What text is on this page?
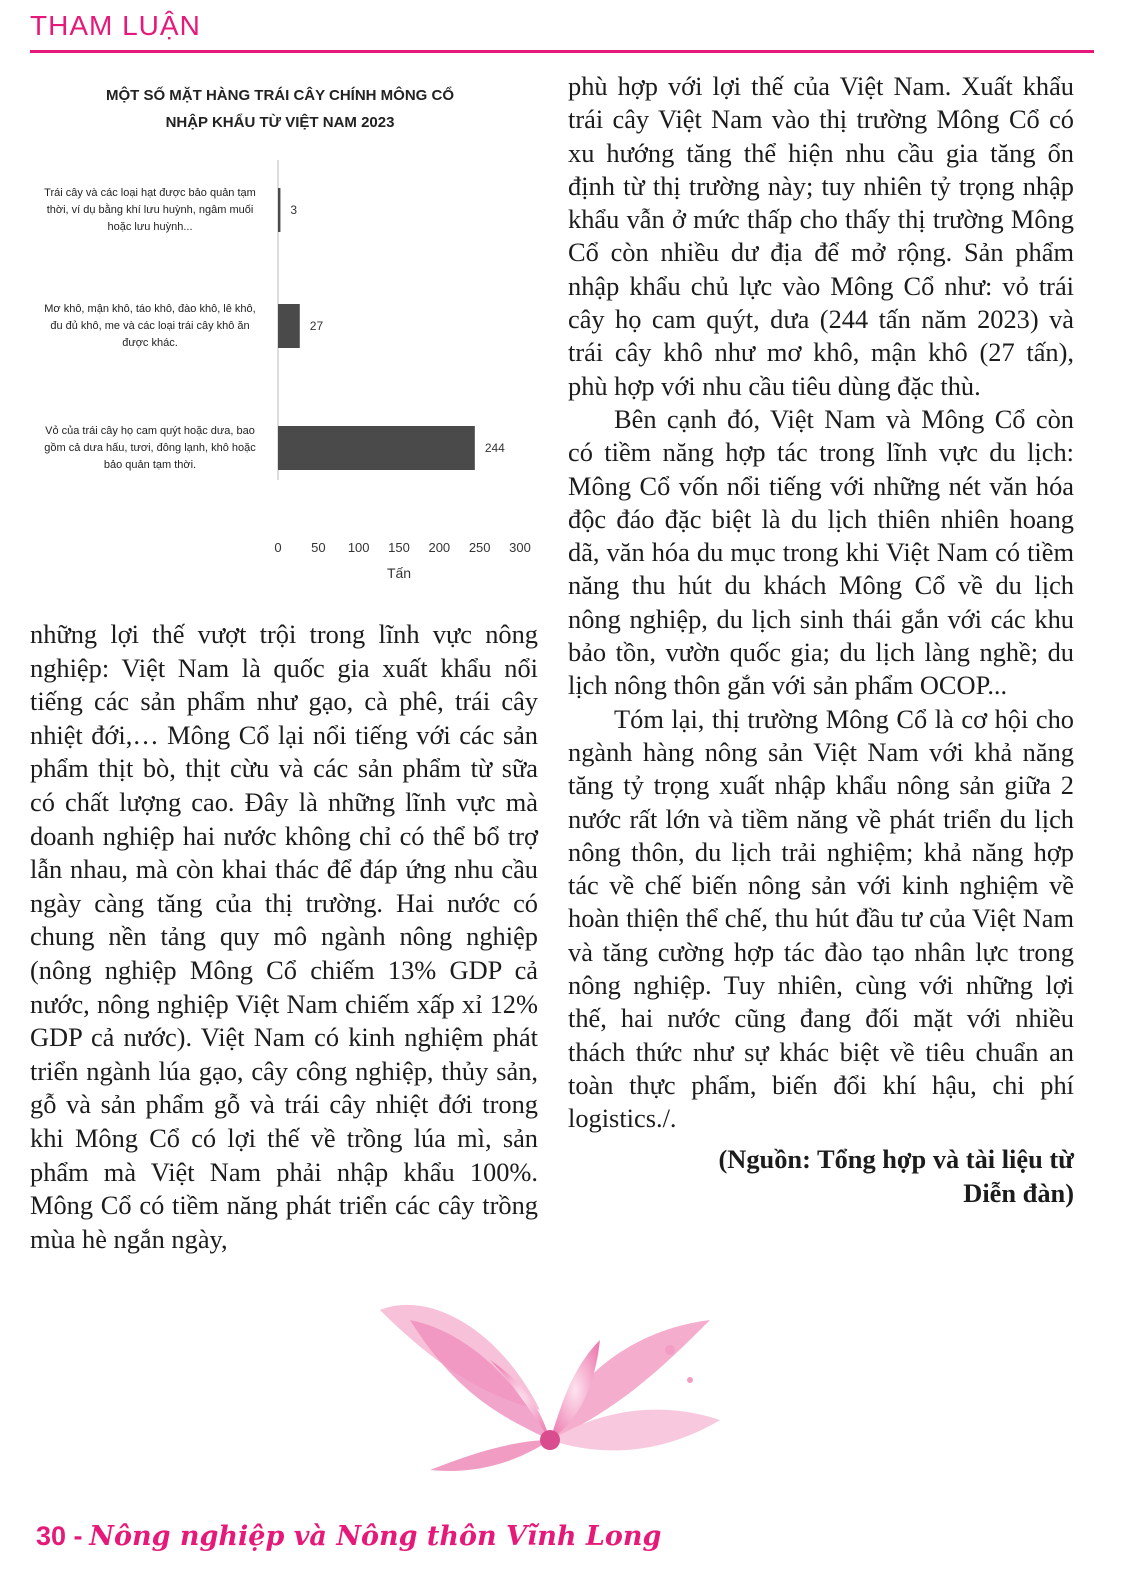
THAM LUẬN
MỘT SỐ MẶT HÀNG TRÁI CÂY CHÍNH MÔNG CỔ
NHẬP KHẨU TỪ VIỆT NAM 2023
3
Trái cây và các loại hạt được bảo quản tạm
thời, ví dụ bằng khí lưu huỳnh, ngâm muối
hoặc lưu huỳnh...
27
Mơ khô, mận khô, táo khô, đào khô, lê khô,
đu đủ khô, me và các loại trái cây khô ăn
được khác.
244
Vỏ của trái cây họ cam quýt hoặc dưa, bao
gồm cả dưa hấu, tươi, đông lạnh, khô hoặc
bảo quản tạm thời.
0 50 100 150 200 250 300
Tấn

những lợi thế vượt trội trong lĩnh vực nông nghiệp: Việt Nam là quốc gia xuất khẩu nổi tiếng các sản phẩm như gạo, cà phê, trái cây nhiệt đới,… Mông Cổ lại nổi tiếng với các sản phẩm thịt bò, thịt cừu và các sản phẩm từ sữa có chất lượng cao. Đây là những lĩnh vực mà doanh nghiệp hai nước không chỉ có thể bổ trợ lẫn nhau, mà còn khai thác để đáp ứng nhu cầu ngày càng tăng của thị trường. Hai nước có chung nền tảng quy mô ngành nông nghiệp (nông nghiệp Mông Cổ chiếm 13% GDP cả nước, nông nghiệp Việt Nam chiếm xấp xỉ 12% GDP cả nước). Việt Nam có kinh nghiệm phát triển ngành lúa gạo, cây công nghiệp, thủy sản, gỗ và sản phẩm gỗ và trái cây nhiệt đới trong khi Mông Cổ có lợi thế về trồng lúa mì, sản phẩm mà Việt Nam phải nhập khẩu 100%. Mông Cổ có tiềm năng phát triển các cây trồng mùa hè ngắn ngày,

phù hợp với lợi thế của Việt Nam. Xuất khẩu trái cây Việt Nam vào thị trường Mông Cổ có xu hướng tăng thể hiện nhu cầu gia tăng ổn định từ thị trường này; tuy nhiên tỷ trọng nhập khẩu vẫn ở mức thấp cho thấy thị trường Mông Cổ còn nhiều dư địa để mở rộng. Sản phẩm nhập khẩu chủ lực vào Mông Cổ như: vỏ trái cây họ cam quýt, dưa (244 tấn năm 2023) và trái cây khô như mơ khô, mận khô (27 tấn), phù hợp với nhu cầu tiêu dùng đặc thù.

Bên cạnh đó, Việt Nam và Mông Cổ còn có tiềm năng hợp tác trong lĩnh vực du lịch: Mông Cổ vốn nổi tiếng với những nét văn hóa độc đáo đặc biệt là du lịch thiên nhiên hoang dã, văn hóa du mục trong khi Việt Nam có tiềm năng thu hút du khách Mông Cổ về du lịch nông nghiệp, du lịch sinh thái gắn với các khu bảo tồn, vườn quốc gia; du lịch làng nghề; du lịch nông thôn gắn với sản phẩm OCOP...

Tóm lại, thị trường Mông Cổ là cơ hội cho ngành hàng nông sản Việt Nam với khả năng tăng tỷ trọng xuất nhập khẩu nông sản giữa 2 nước rất lớn và tiềm năng về phát triển du lịch nông thôn, du lịch trải nghiệm; khả năng hợp tác về chế biến nông sản với kinh nghiệm về hoàn thiện thể chế, thu hút đầu tư của Việt Nam và tăng cường hợp tác đào tạo nhân lực trong nông nghiệp. Tuy nhiên, cùng với những lợi thế, hai nước cũng đang đối mặt với nhiều thách thức như sự khác biệt về tiêu chuẩn an toàn thực phẩm, biến đổi khí hậu, chi phí logistics./.

(Nguồn: Tổng hợp và tài liệu từ
Diễn đàn)

30 - Nông nghiệp và Nông thôn Vĩnh Long
